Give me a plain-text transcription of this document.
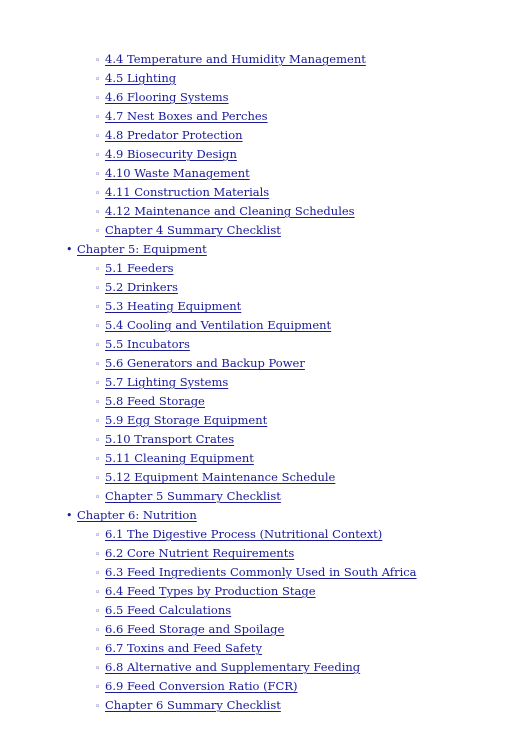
◦ 4.4 Temperature and Humidity Management
◦ 4.5 Lighting
◦ 4.6 Flooring Systems
◦ 4.7 Nest Boxes and Perches
◦ 4.8 Predator Protection
◦ 4.9 Biosecurity Design
◦ 4.10 Waste Management
◦ 4.11 Construction Materials
◦ 4.12 Maintenance and Cleaning Schedules
◦ Chapter 4 Summary Checklist
• Chapter 5: Equipment
◦ 5.1 Feeders
◦ 5.2 Drinkers
◦ 5.3 Heating Equipment
◦ 5.4 Cooling and Ventilation Equipment
◦ 5.5 Incubators
◦ 5.6 Generators and Backup Power
◦ 5.7 Lighting Systems
◦ 5.8 Feed Storage
◦ 5.9 Egg Storage Equipment
◦ 5.10 Transport Crates
◦ 5.11 Cleaning Equipment
◦ 5.12 Equipment Maintenance Schedule
◦ Chapter 5 Summary Checklist
• Chapter 6: Nutrition
◦ 6.1 The Digestive Process (Nutritional Context)
◦ 6.2 Core Nutrient Requirements
◦ 6.3 Feed Ingredients Commonly Used in South Africa
◦ 6.4 Feed Types by Production Stage
◦ 6.5 Feed Calculations
◦ 6.6 Feed Storage and Spoilage
◦ 6.7 Toxins and Feed Safety
◦ 6.8 Alternative and Supplementary Feeding
◦ 6.9 Feed Conversion Ratio (FCR)
◦ Chapter 6 Summary Checklist
